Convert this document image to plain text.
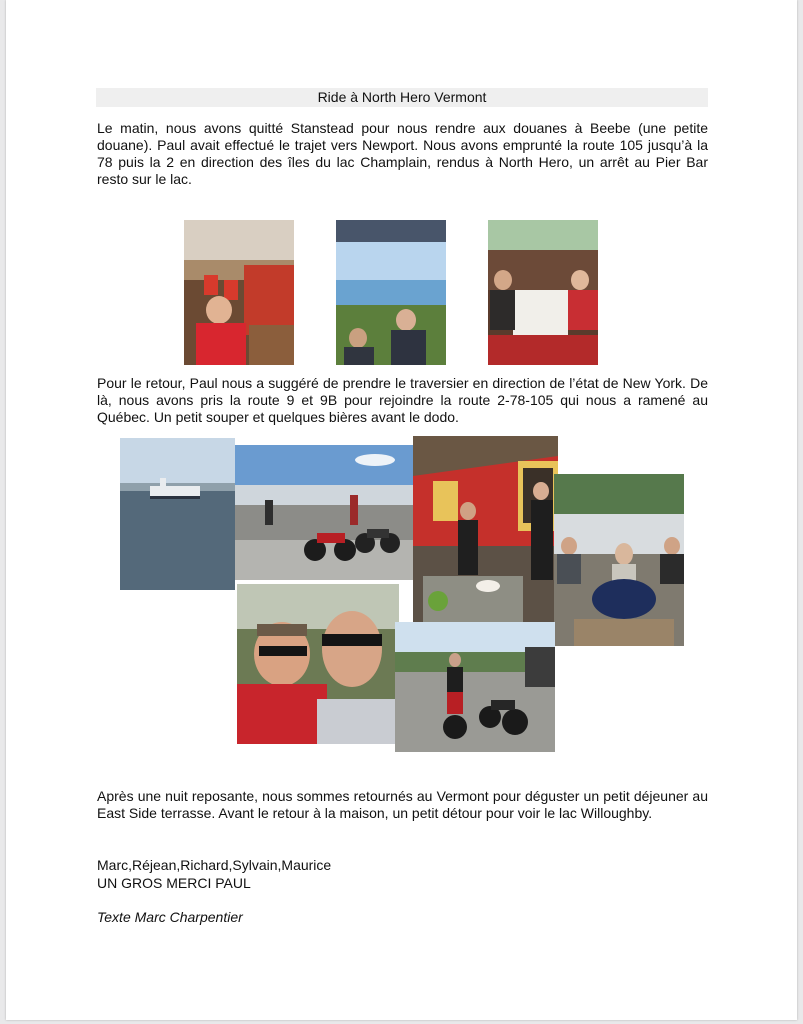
Ride à North Hero Vermont
Le matin, nous avons quitté Stanstead pour nous rendre aux douanes à Beebe (une petite douane). Paul avait effectué le trajet vers Newport. Nous avons emprunté la route 105 jusqu’à la 78 puis la 2 en direction des îles du lac Champlain, rendus à North Hero, un arrêt au Pier Bar resto sur le lac.
Pour le retour, Paul nous a suggéré de prendre le traversier en direction de l’état de New York. De là, nous avons pris la route 9 et 9B pour rejoindre la route 2-78-105 qui nous a ramené au Québec. Un petit souper et quelques bières avant le dodo.
Après une nuit reposante, nous sommes retournés au Vermont pour déguster un petit déjeuner au East Side terrasse. Avant le retour à la maison, un petit détour pour voir le lac Willoughby.
Marc,Réjean,Richard,Sylvain,Maurice
UN GROS MERCI PAUL
Texte Marc Charpentier
